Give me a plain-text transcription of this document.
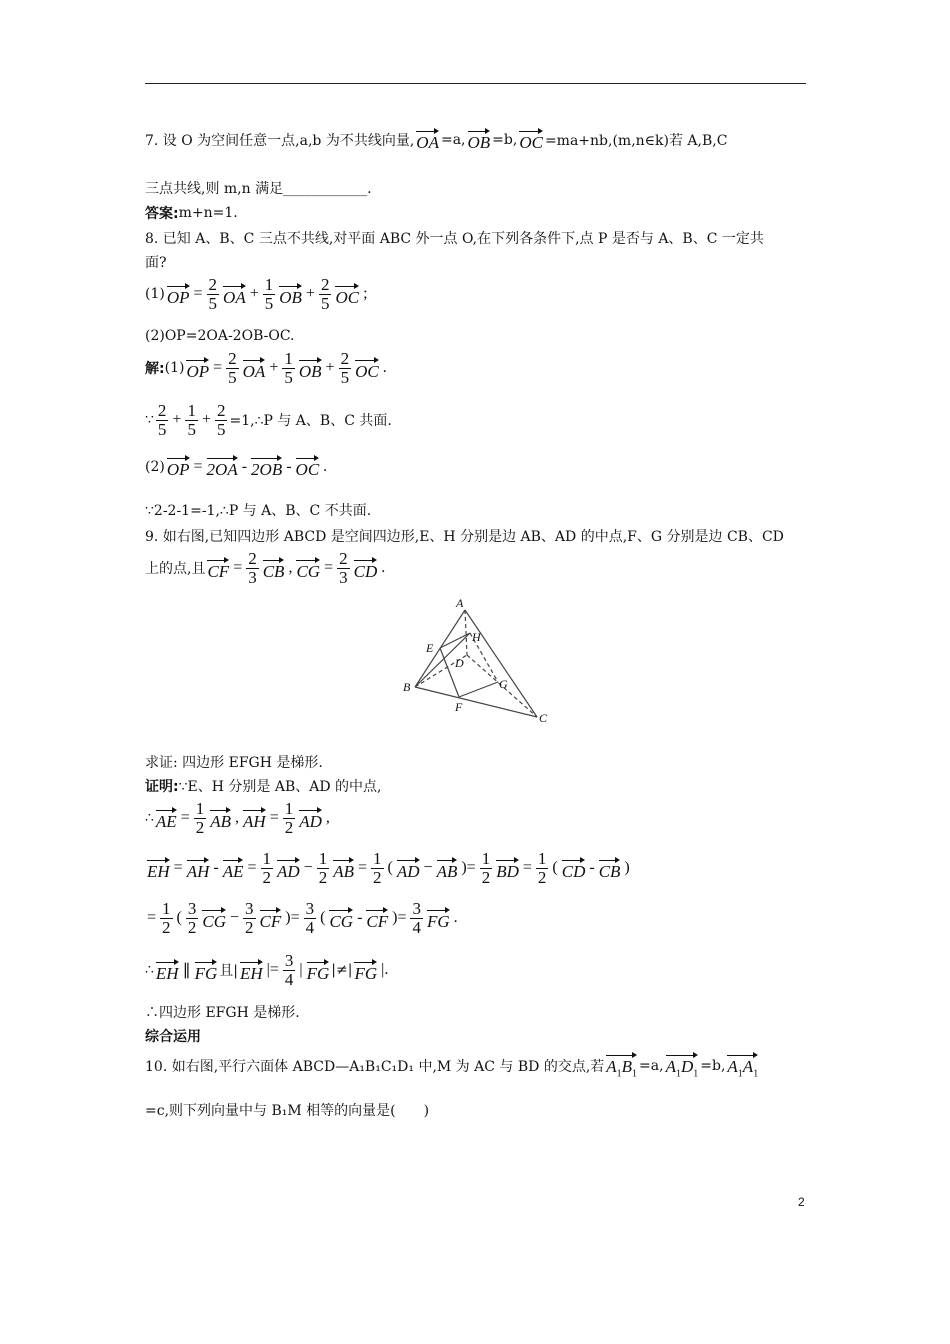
7. 设 O 为空间任意一点,a,b 为不共线向量, OA =a, OB =b, OC =ma+nb,(m,n∈k)若 A,B,C
三点共线,则 m,n 满足____________.
答案: m+n=1.
8. 已知 A、B、C 三点不共线,对平面 ABC 外一点 O,在下列各条件下,点 P 是否与 A、B、C 一定共
面?
(1) OP = $\frac{2}{5}$ OA + $\frac{1}{5}$ OB + $\frac{2}{5}$ OC ;
(2)OP=2OA-2OB-OC.
解: (1) OP = $\frac{2}{5}$ OA + $\frac{1}{5}$ OB + $\frac{2}{5}$ OC .
∵ $\frac{2}{5} + \frac{1}{5} + \frac{2}{5}$ =1,∴P 与 A、B、C 共面.
(2) OP = 2OA - 2OB - OC .
∵2-2-1=-1,∴P 与 A、B、C 不共面.
9. 如右图,已知四边形 ABCD 是空间四边形,E、H 分别是边 AB、AD 的中点,F、G 分别是边 CB、CD
上的点,且 CF = $\frac{2}{3}$ CB , CG = $\frac{2}{3}$ CD .
A
H
E
D
G
B
F
C
求证: 四边形 EFGH 是梯形.
证明: ∵E、H 分别是 AB、AD 的中点,
∴ AE = $\frac{1}{2}$ AB , AH = $\frac{1}{2}$ AD ,
EH = AH - AE = $\frac{1}{2}$ AD − $\frac{1}{2}$ AB = $\frac{1}{2}$ ( AD − AB )= $\frac{1}{2}$ BD = $\frac{1}{2}$ ( CD - CB )
= $\frac{1}{2}$ ( $\frac{3}{2}$ CG − $\frac{3}{2}$ CF )= $\frac{3}{4}$ ( CG - CF )= $\frac{3}{4}$ FG .
∴ EH ∥ FG 且| EH |= $\frac{3}{4}$ | FG |≠| FG |.
∴四边形 EFGH 是梯形.
综合运用
10. 如右图,平行六面体 ABCD—A₁B₁C₁D₁ 中,M 为 AC 与 BD 的交点,若 $A_1B_1$
=a, $A_1D_1$
=b, $A_1A_1$
=c,则下列向量中与 B₁M 相等的向量是(　　)
2
